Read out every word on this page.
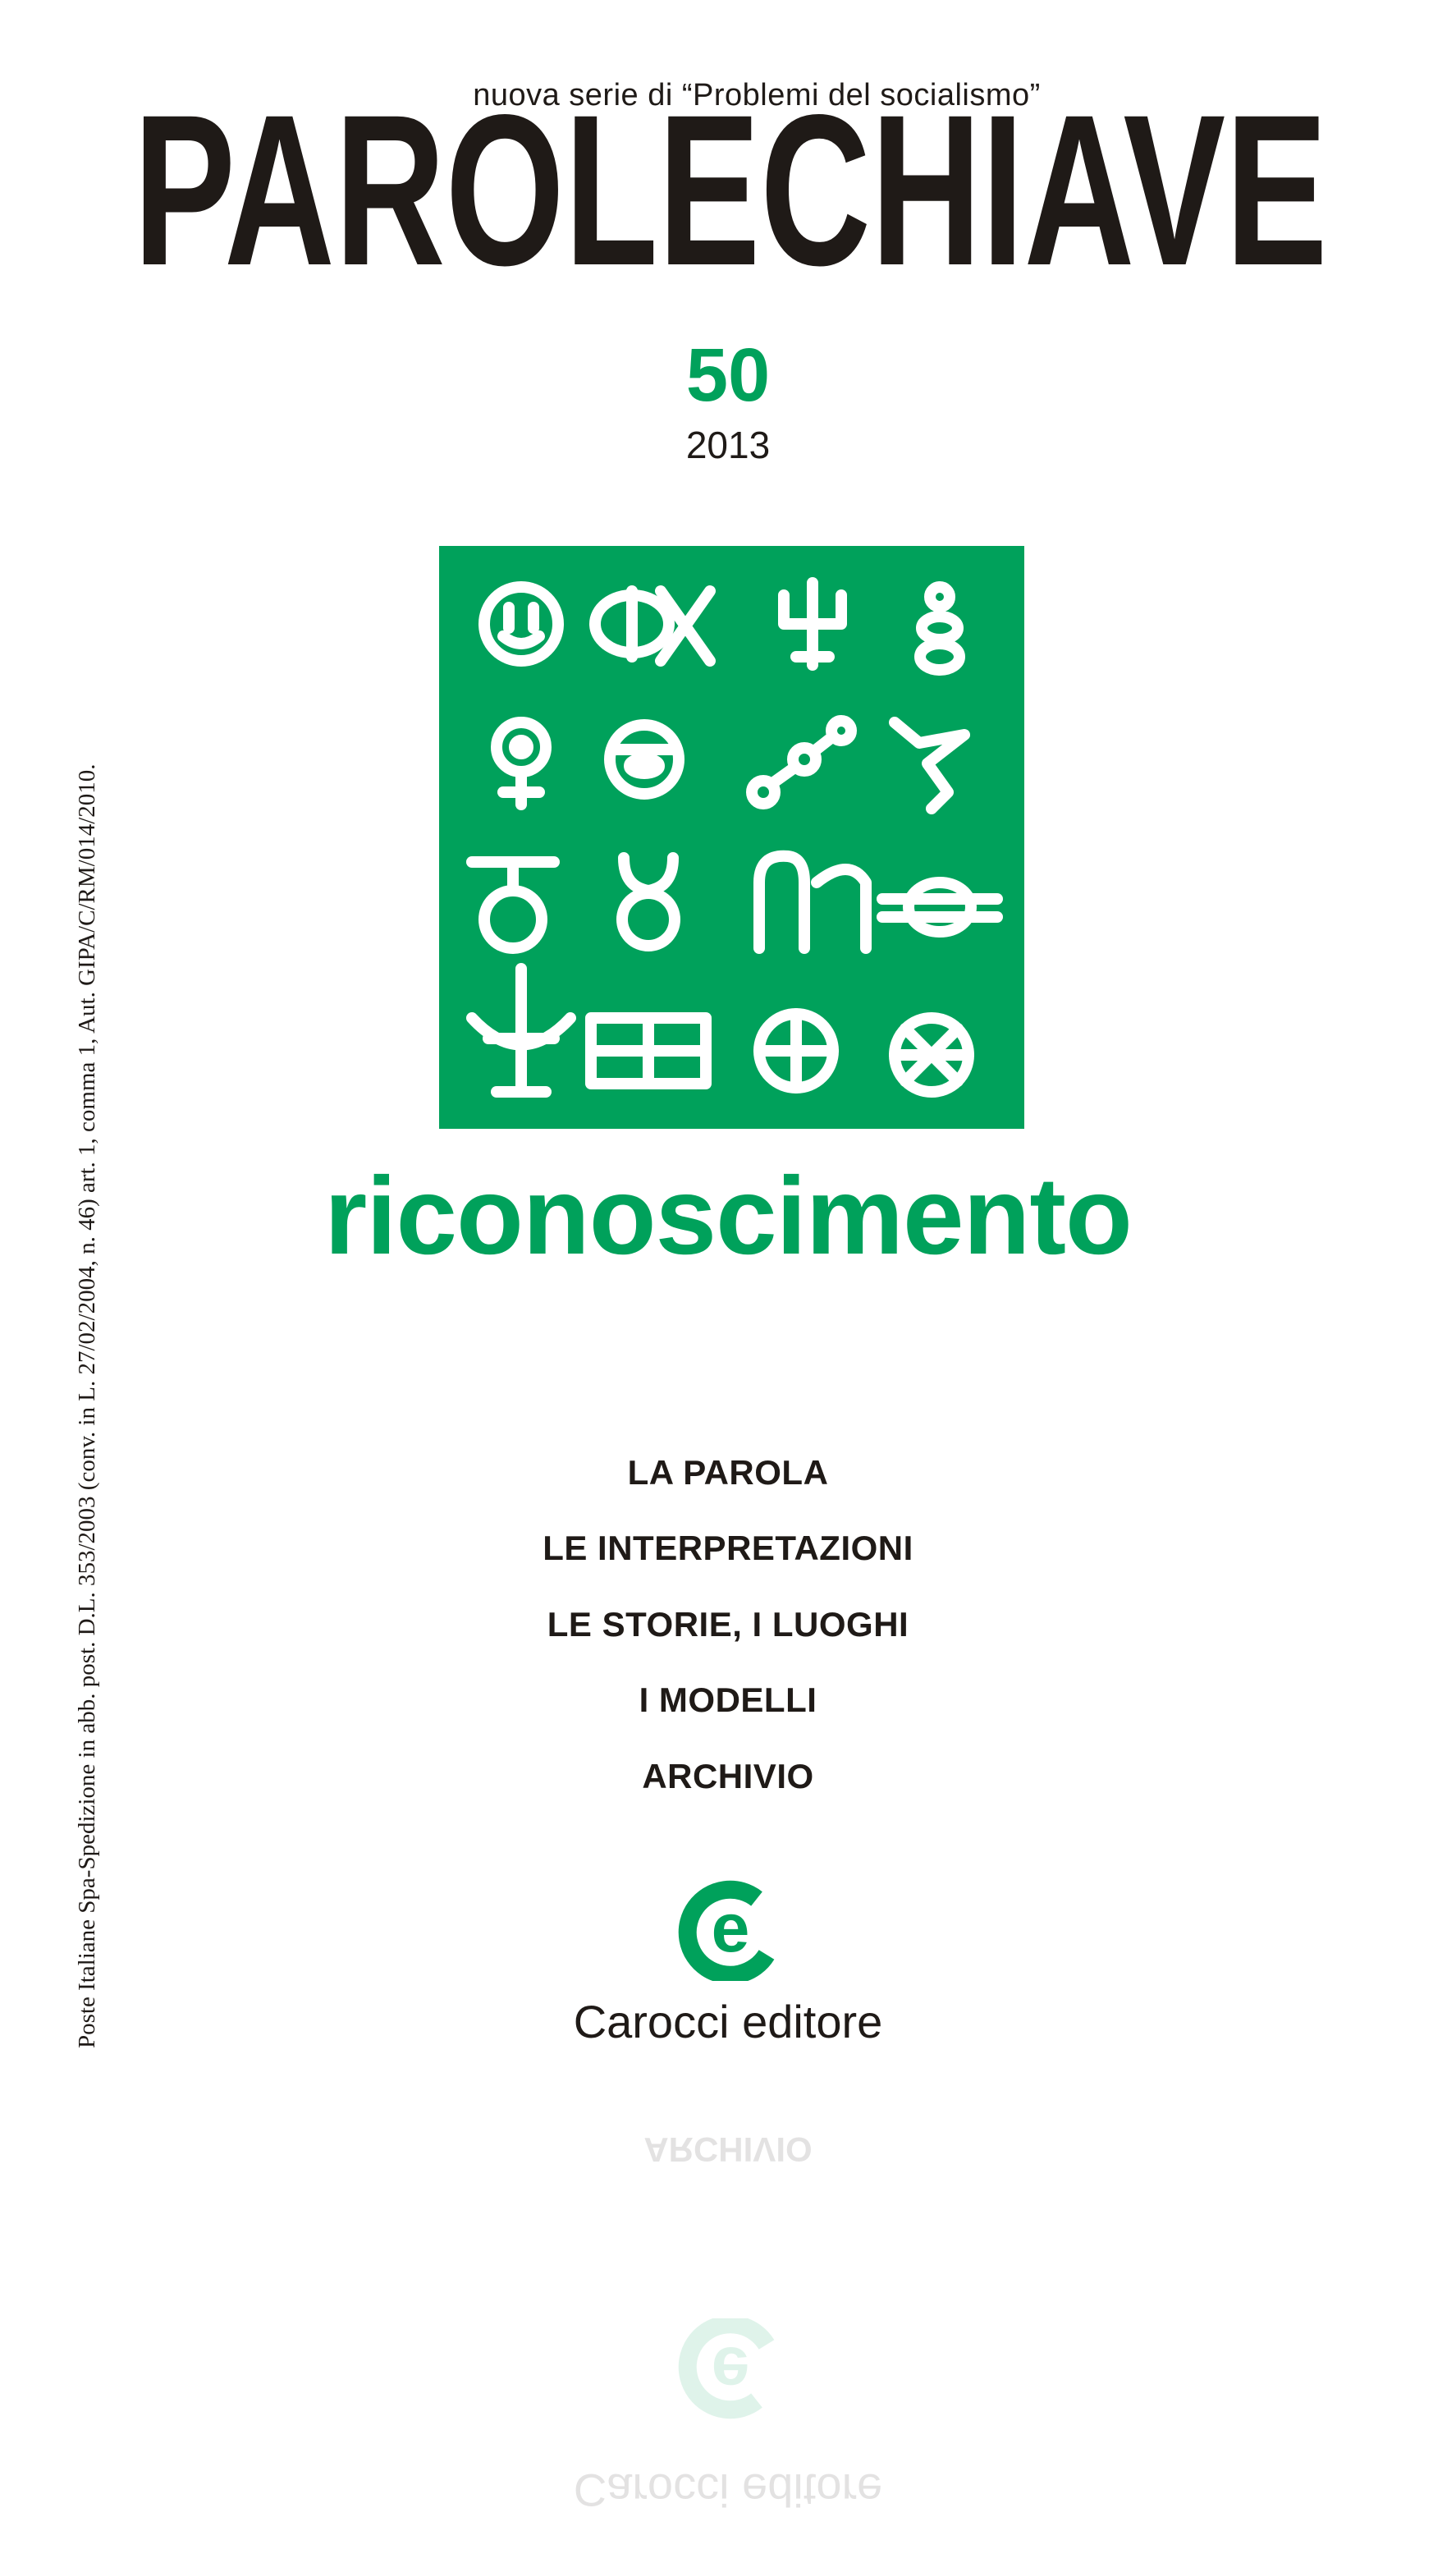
nuova serie di “Problemi del socialismo”
PAROLECHIAVE
50
2013
riconoscimento
LA PAROLA
LE INTERPRETAZIONI
LE STORIE, I LUOGHI
I MODELLI
ARCHIVIO
e
Carocci editore
Poste Italiane Spa-Spedizione in abb. post. D.L. 353/2003 (conv. in L. 27/02/2004, n. 46) art. 1, comma 1, Aut. GIPA/C/RM/014/2010.
Carocci editore
e
ARCHIVIO
